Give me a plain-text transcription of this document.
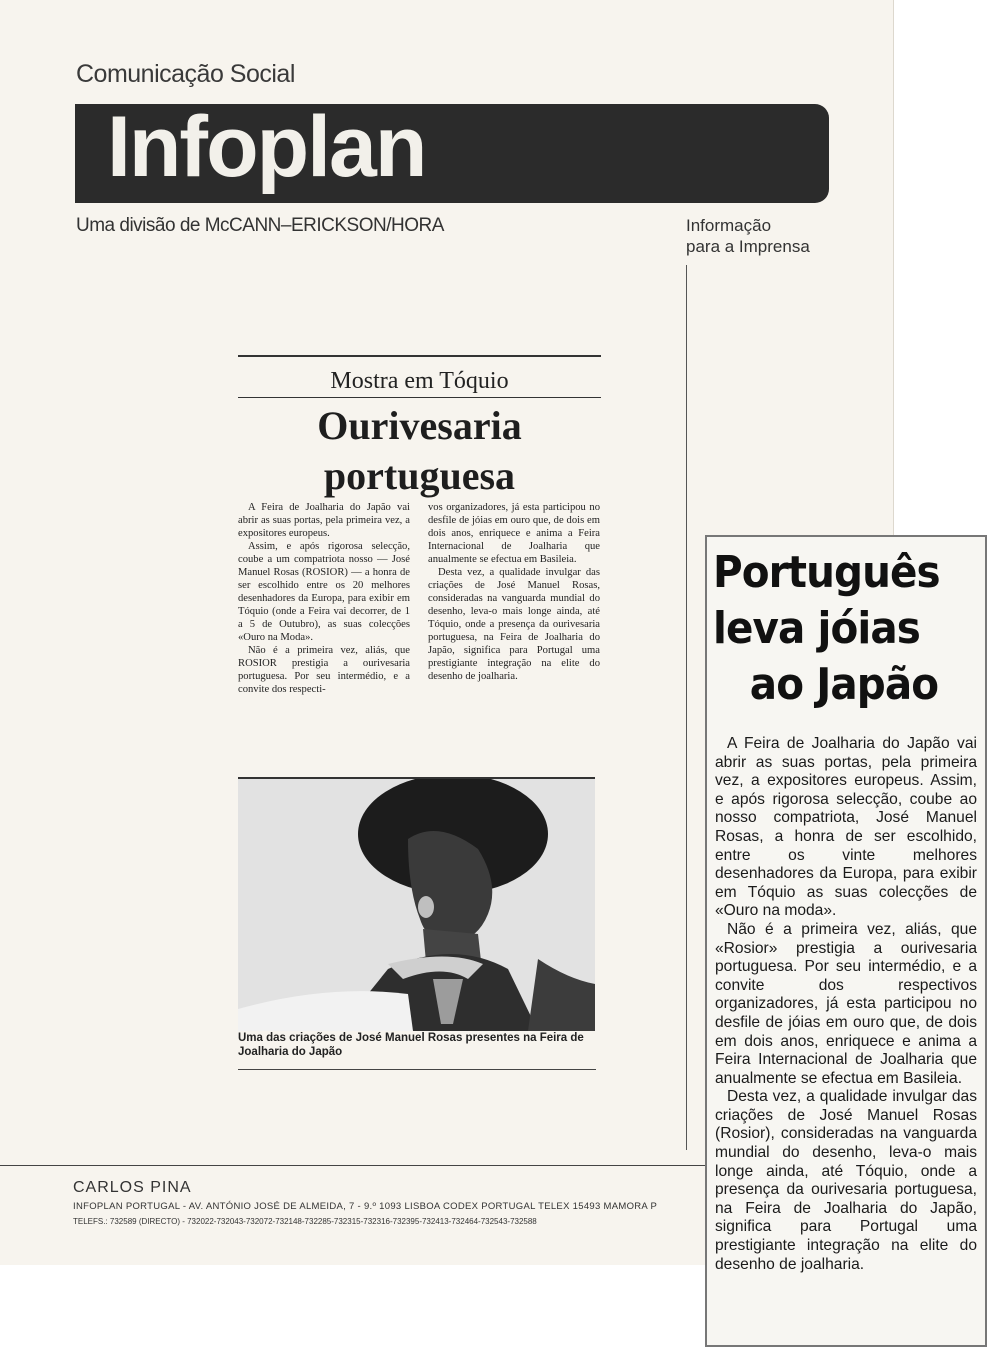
Comunicação Social
Infoplan
Uma divisão de McCANN–ERICKSON/HORA	Informação
para a Imprensa
Mostra em Tóquio
Ourivesaria
portuguesa

A Feira de Joalharia do Japão vai abrir as suas portas, pela primeira vez, a expositores europeus.

Assim, e após rigorosa selecção, coube a um compatriota nosso — José Manuel Rosas (ROSIOR) — a honra de ser escolhido entre os 20 melhores desenhadores da Europa, para exibir em Tóquio (onde a Feira vai decorrer, de 1 a 5 de Outubro), as suas colecções «Ouro na Moda».

Não é a primeira vez, aliás, que ROSIOR prestigia a ourivesaria portuguesa. Por seu intermédio, e a convite dos respecti-

vos organizadores, já esta participou no desfile de jóias em ouro que, de dois em dois anos, enriquece e anima a Feira Internacional de Joalharia que anualmente se efectua em Basileia.

Desta vez, a qualidade invulgar das criações de José Manuel Rosas, consideradas na vanguarda mundial do desenho, leva-o mais longe ainda, até Tóquio, onde a presença da ourivesaria portuguesa, na Feira de Joalharia do Japão, significa para Portugal uma prestigiante integração na elite do desenho de joalharia.

Uma das criações de José Manuel Rosas presentes na Feira de Joalharia do Japão
CARLOS PINA
INFOPLAN PORTUGAL - AV. ANTÓNIO JOSÉ DE ALMEIDA, 7 - 9.º 1093 LISBOA CODEX PORTUGAL TELEX 15493 MAMORA P
TELEFS.: 732589 (DIRECTO) - 732022-732043-732072-732148-732285-732315-732316-732395-732413-732464-732543-732588
Português
leva jóias
ao Japão

A Feira de Joalharia do Japão vai abrir as suas portas, pela primeira vez, a expositores europeus. Assim, e após rigorosa selecção, coube ao nosso compatriota, José Manuel Rosas, a honra de ser escolhido, entre os vinte melhores desenhadores da Europa, para exibir em Tóquio as suas colecções de «Ouro na moda».

Não é a primeira vez, aliás, que «Rosior» prestigia a ourivesaria portuguesa. Por seu intermédio, e a convite dos respectivos organizadores, já esta participou no desfile de jóias em ouro que, de dois em dois anos, enriquece e anima a Feira Internacional de Joalharia que anualmente se efectua em Basileia.

Desta vez, a qualidade invulgar das criações de José Manuel Rosas (Rosior), consideradas na vanguarda mundial do desenho, leva-o mais longe ainda, até Tóquio, onde a presença da ourivesaria portuguesa, na Feira de Joalharia do Japão, significa para Portugal uma prestigiante integração na elite do desenho de joalharia.
